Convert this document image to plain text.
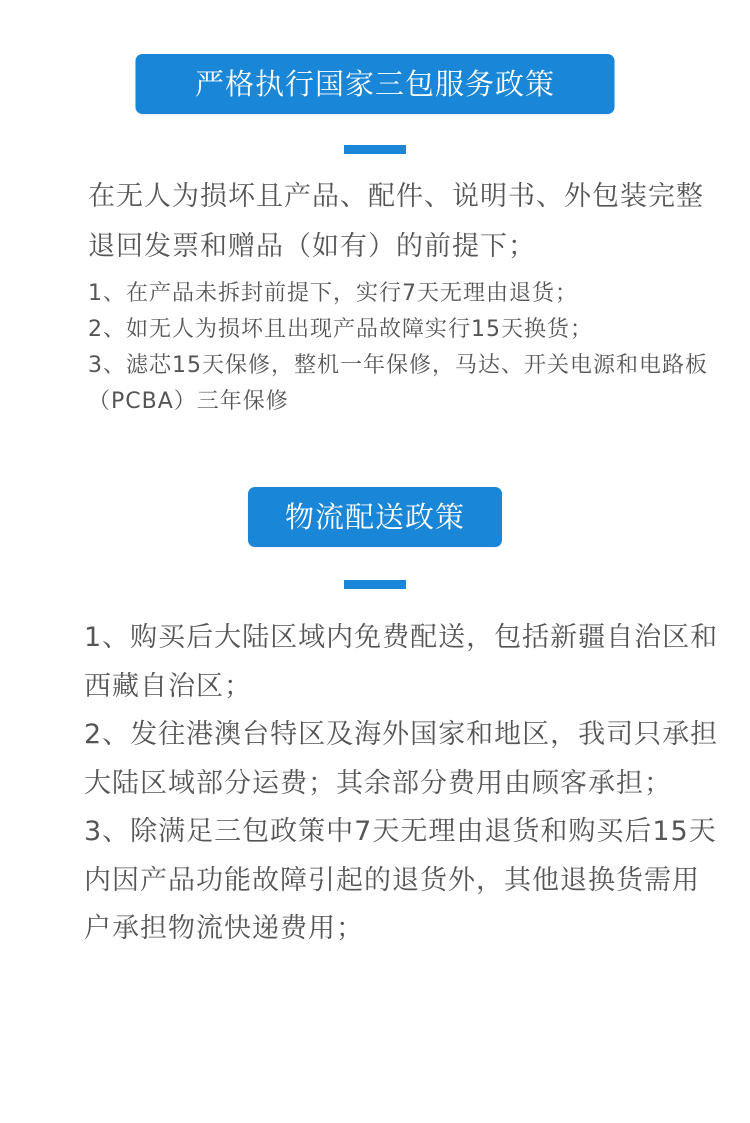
严格执行国家三包服务政策

在无人为损坏且产品、配件、说明书、外包装完整退回发票和赠品（如有）的前提下；

1、在产品未拆封前提下，实行7天无理由退货；
2、如无人为损坏且出现产品故障实行15天换货；
3、滤芯15天保修，整机一年保修，马达、开关电源和电路板（PCBA）三年保修
物流配送政策
1、购买后大陆区域内免费配送，包括新疆自治区和西藏自治区；
2、发往港澳台特区及海外国家和地区，我司只承担大陆区域部分运费；其余部分费用由顾客承担；
3、除满足三包政策中7天无理由退货和购买后15天内因产品功能故障引起的退货外，其他退换货需用户承担物流快递费用；
